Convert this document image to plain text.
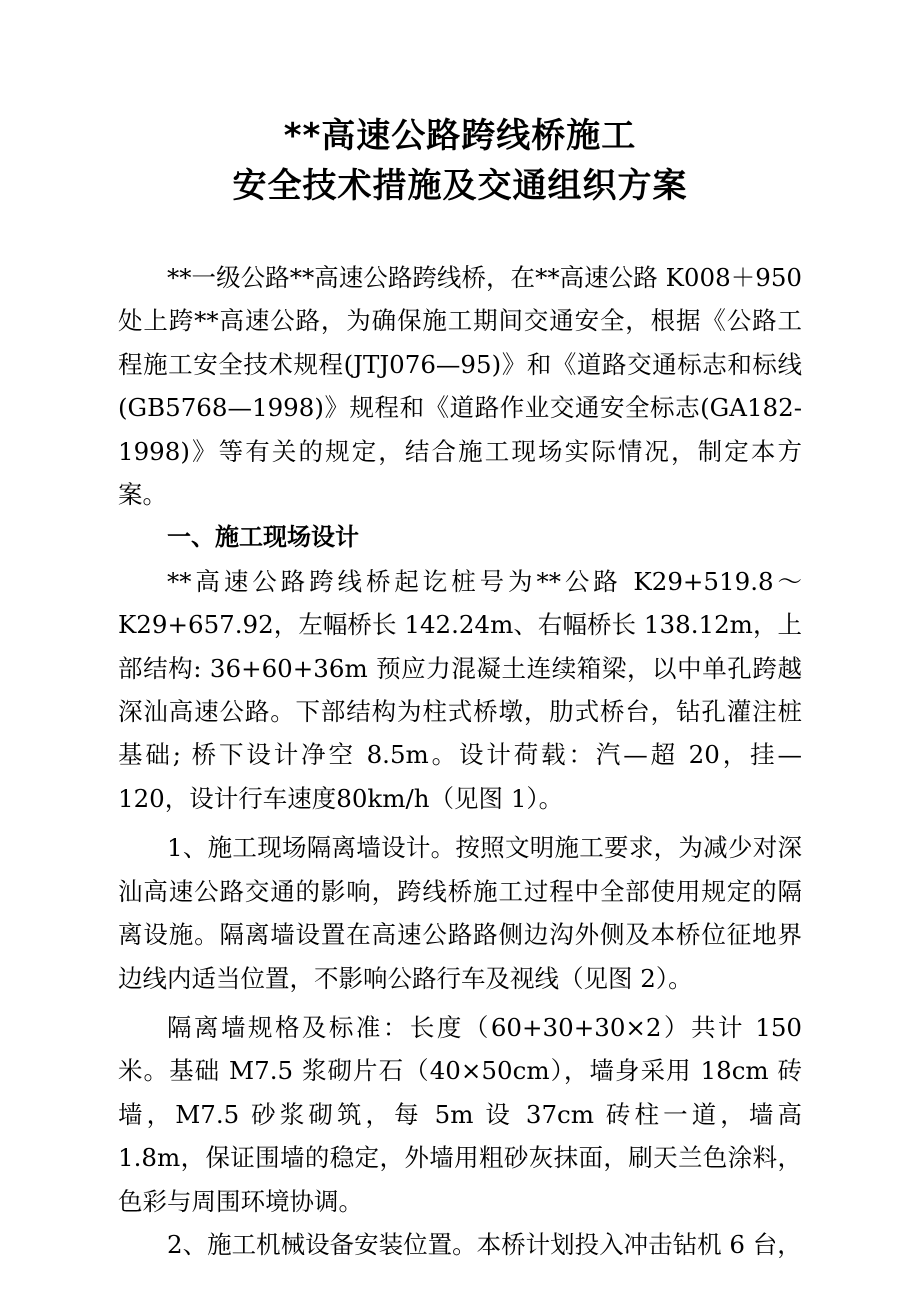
**高速公路跨线桥施工
安全技术措施及交通组织方案

**一级公路**高速公路跨线桥，在**高速公路 K008＋950处上跨**高速公路，为确保施工期间交通安全，根据《公路工程施工安全技术规程(JTJ076—95)》和《道路交通标志和标线(GB5768—1998)》规程和《道路作业交通安全标志(GA182-1998)》等有关的规定，结合施工现场实际情况，制定本方案。

一、施工现场设计

**高速公路跨线桥起讫桩号为**公路 K29+519.8～K29+657.92，左幅桥长 142.24m、右幅桥长 138.12m，上部结构: 36+60+36m 预应力混凝土连续箱梁，以中单孔跨越深汕高速公路。下部结构为柱式桥墩，肋式桥台，钻孔灌注桩基础; 桥下设计净空 8.5m。设计荷载：汽—超 20，挂—120，设计行车速度80km/h（见图 1）。

1、施工现场隔离墙设计。按照文明施工要求，为减少对深汕高速公路交通的影响，跨线桥施工过程中全部使用规定的隔离设施。隔离墙设置在高速公路路侧边沟外侧及本桥位征地界边线内适当位置，不影响公路行车及视线（见图 2）。

隔离墙规格及标准：长度（60+30+30×2）共计 150 米。基础 M7.5 浆砌片石（40×50cm），墙身采用 18cm 砖墙，M7.5 砂浆砌筑，每 5m 设 37cm 砖柱一道，墙高 1.8m，保证围墙的稳定，外墙用粗砂灰抹面，刷天兰色涂料，色彩与周围环境协调。

2、施工机械设备安装位置。本桥计划投入冲击钻机 6 台，
